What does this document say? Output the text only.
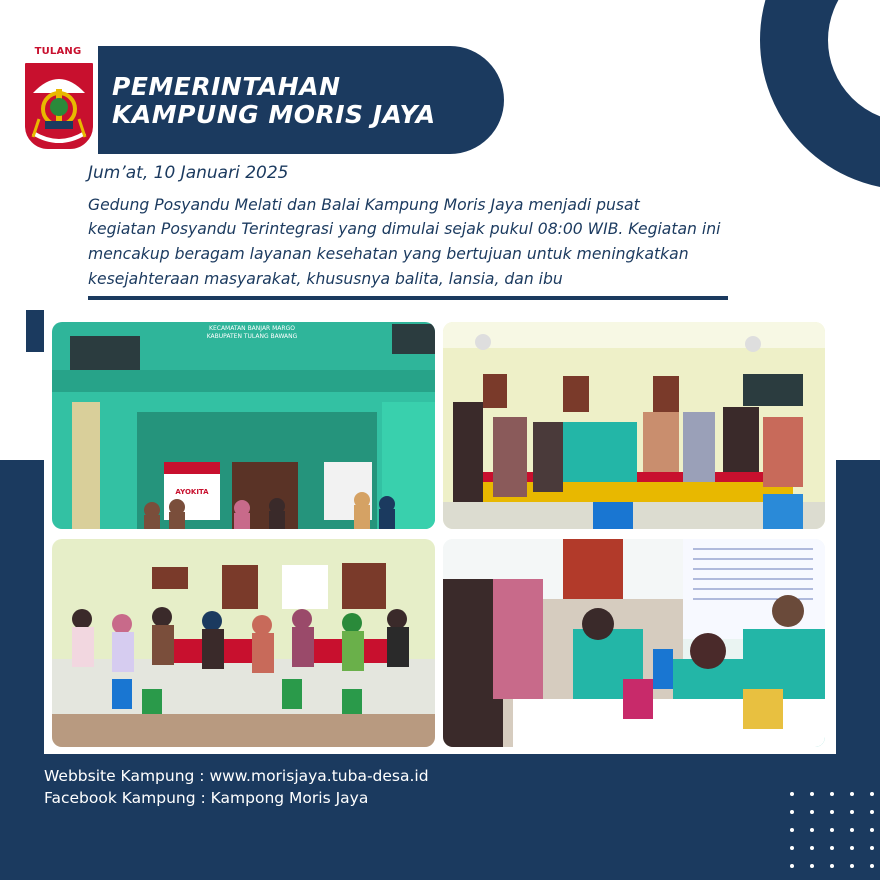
TULANG
PEMERINTAHAN
KAMPUNG MORIS JAYA
Jum’at, 10 Januari 2025
Gedung Posyandu Melati dan Balai Kampung Moris Jaya menjadi pusat
kegiatan Posyandu Terintegrasi yang dimulai sejak pukul 08:00 WIB. Kegiatan ini
mencakup beragam layanan kesehatan yang bertujuan untuk meningkatkan
kesejahteraan masyarakat, khususnya balita, lansia, dan ibu
KECAMATAN BANJAR MARGO
KABUPATEN TULANG BAWANG
AYOKITA
Webbsite Kampung : www.morisjaya.tuba-desa.id
Facebook Kampung : Kampong Moris Jaya
